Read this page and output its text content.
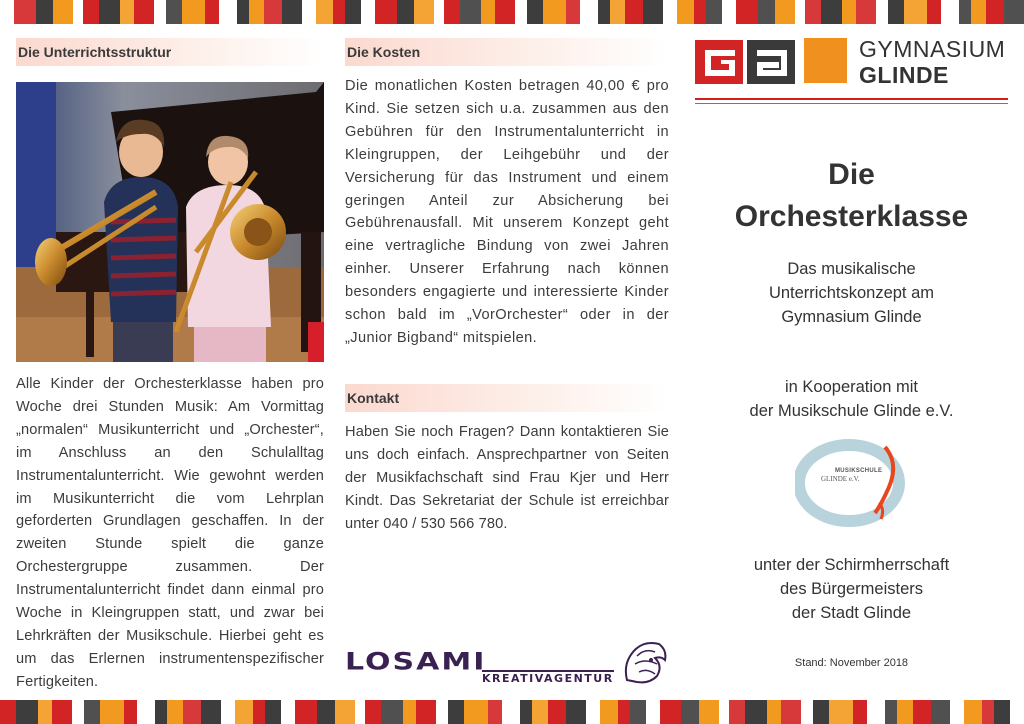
Die Unterrichtsstruktur
Alle Kinder der Orchesterklasse haben pro Woche drei Stunden Musik: Am Vormittag „normalen“ Musikunterricht und „Orchester“, im Anschluss an den Schulalltag Instrumentalunterricht. Wie gewohnt werden im Musikunterricht die vom Lehrplan geforderten Grundlagen geschaffen. In der zweiten Stunde spielt die ganze Orchestergruppe zusammen. Der Instrumentalunterricht findet dann einmal pro Woche in Kleingruppen statt, und zwar bei Lehrkräften der Musikschule. Hierbei geht es um das Erlernen instrumentenspezifischer Fertigkeiten.
Die Kosten
Die monatlichen Kosten betragen 40,00 € pro Kind. Sie setzen sich u.a. zusammen aus den Gebühren für den Instrumentalunterricht in Kleingruppen, der Leihgebühr und der Versicherung für das Instrument und einem geringen Anteil zur Absicherung bei Gebührenausfall. Mit unserem Konzept geht eine vertragliche Bindung von zwei Jahren einher. Unserer Erfahrung nach können besonders engagierte und interessierte Kinder schon bald im „VorOrchester“ oder in der „Junior Bigband“ mitspielen.
Kontakt
Haben Sie noch Fragen? Dann kontaktieren Sie uns doch einfach. Ansprechpartner von Seiten der Musikfachschaft sind Frau Kjer und Herr Kindt. Das Sekretariat der Schule ist erreichbar unter 040 / 530 566 780.
LOSAMI
KREATIVAGENTUR
GYMNASIUM
GLINDE
Die
Orchesterklasse
Das musikalische
Unterrichtskonzept am
Gymnasium Glinde
in Kooperation mit
der Musikschule Glinde e.V.
MUSIKSCHULE
GLINDE e.V.
unter der Schirmherrschaft
des Bürgermeisters
der Stadt Glinde
Stand: November 2018
